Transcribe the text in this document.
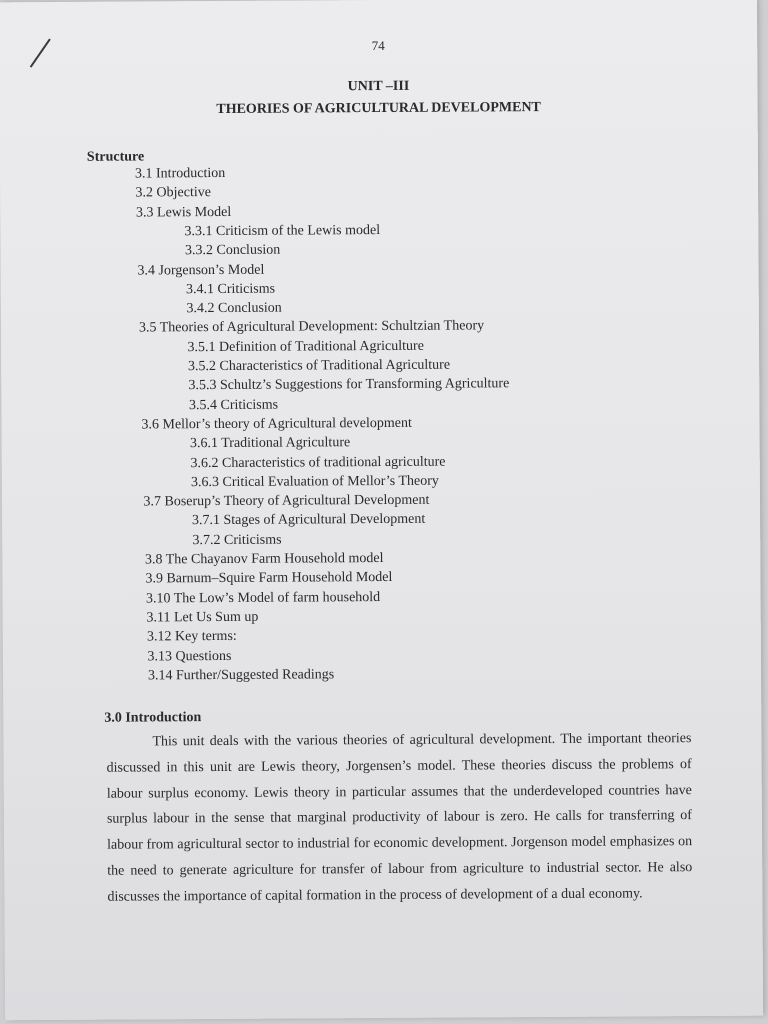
74
UNIT –III
THEORIES OF AGRICULTURAL DEVELOPMENT
Structure
3.1 Introduction
3.2 Objective
3.3 Lewis Model
3.3.1 Criticism of the Lewis model
3.3.2 Conclusion
3.4 Jorgenson’s Model
3.4.1 Criticisms
3.4.2 Conclusion
3.5 Theories of Agricultural Development: Schultzian Theory
3.5.1 Definition of Traditional Agriculture
3.5.2 Characteristics of Traditional Agriculture
3.5.3 Schultz’s Suggestions for Transforming Agriculture
3.5.4 Criticisms
3.6 Mellor’s theory of Agricultural development
3.6.1 Traditional Agriculture
3.6.2 Characteristics of traditional agriculture
3.6.3 Critical Evaluation of Mellor’s Theory
3.7 Boserup’s Theory of Agricultural Development
3.7.1 Stages of Agricultural Development
3.7.2 Criticisms
3.8 The Chayanov Farm Household model
3.9 Barnum–Squire Farm Household Model
3.10 The Low’s Model of farm household
3.11 Let Us Sum up
3.12 Key terms:
3.13 Questions
3.14 Further/Suggested Readings
3.0 Introduction

This unit deals with the various theories of agricultural development. The important theories discussed in this unit are Lewis theory, Jorgensen’s model. These theories discuss the problems of labour surplus economy. Lewis theory in particular assumes that the underdeveloped countries have surplus labour in the sense that marginal productivity of labour is zero. He calls for transferring of labour from agricultural sector to industrial for economic development. Jorgenson model emphasizes on the need to generate agriculture for transfer of labour from agriculture to industrial sector. He also discusses the importance of capital formation in the process of development of a dual economy.
